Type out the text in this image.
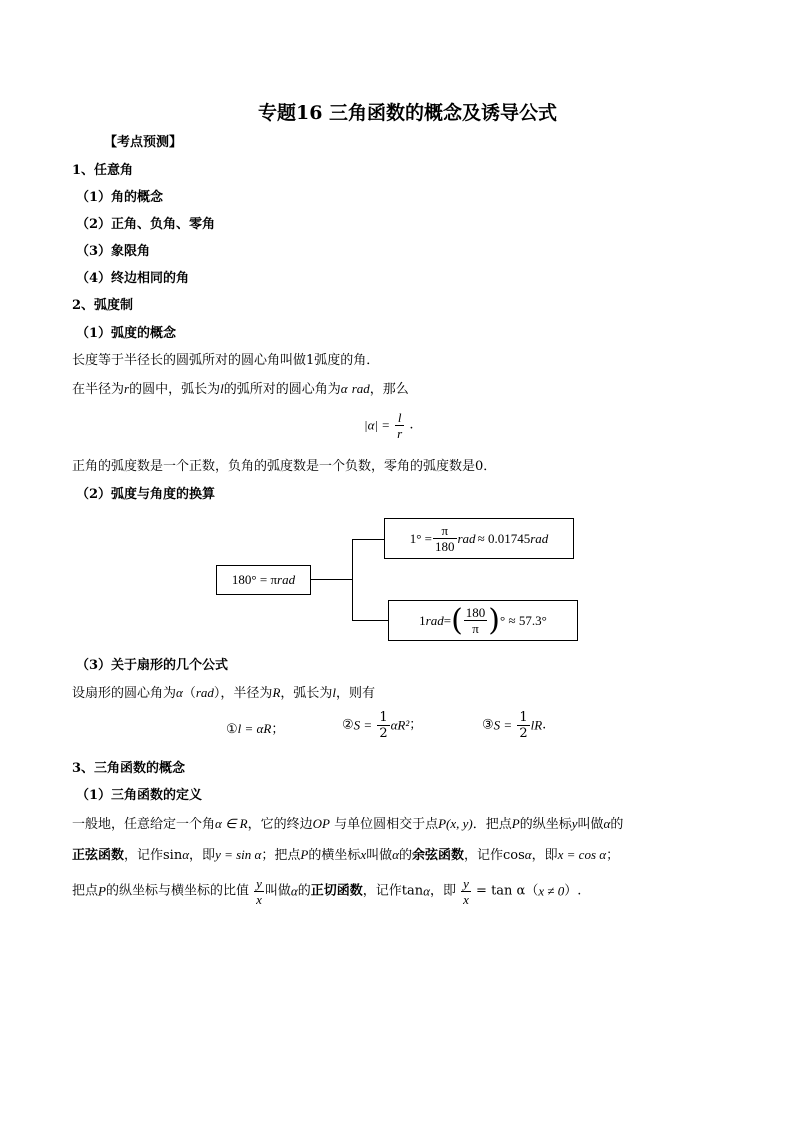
专题16 三角函数的概念及诱导公式
【考点预测】
1、任意角
（1）角的概念
（2）正角、负角、零角
（3）象限角
（4）终边相同的角
2、弧度制
（1）弧度的概念
长度等于半径长的圆弧所对的圆心角叫做1弧度的角．
在半径为r的圆中，弧长为l的弧所对的圆心角为α rad，那么
$|\alpha| = \frac{l}{r}$ .
正角的弧度数是一个正数，负角的弧度数是一个负数，零角的弧度数是0．
（2）弧度与角度的换算
180° = π rad
$1^\circ = \frac{\pi}{180}$ rad ≈ 0.01745 rad
1 rad = ( $\frac{180}{\pi}$ ) ° ≈ 57.3°
（3）关于扇形的几个公式
设扇形的圆心角为α（rad），半径为R，弧长为l，则有
①l = αR；	②S = $\frac{1}{2} \alpha R^2$；	③S = $\frac{1}{2}$ lR.
3、三角函数的概念
（1）三角函数的定义
一般地，任意给定一个角α ∈ R，它的终边OP 与单位圆相交于点P(x, y)．把点P的纵坐标y叫做α的
正弦函数，记作sinα，即y = sin α；把点P的横坐标x叫做α的余弦函数，记作cosα，即x = cos α；
把点P的纵坐标与横坐标的比值 $\frac{y}{x}$ 叫做α的正切函数，记作tanα，即 $\frac{y}{x} = \tan \alpha(x \ne 0)$.
